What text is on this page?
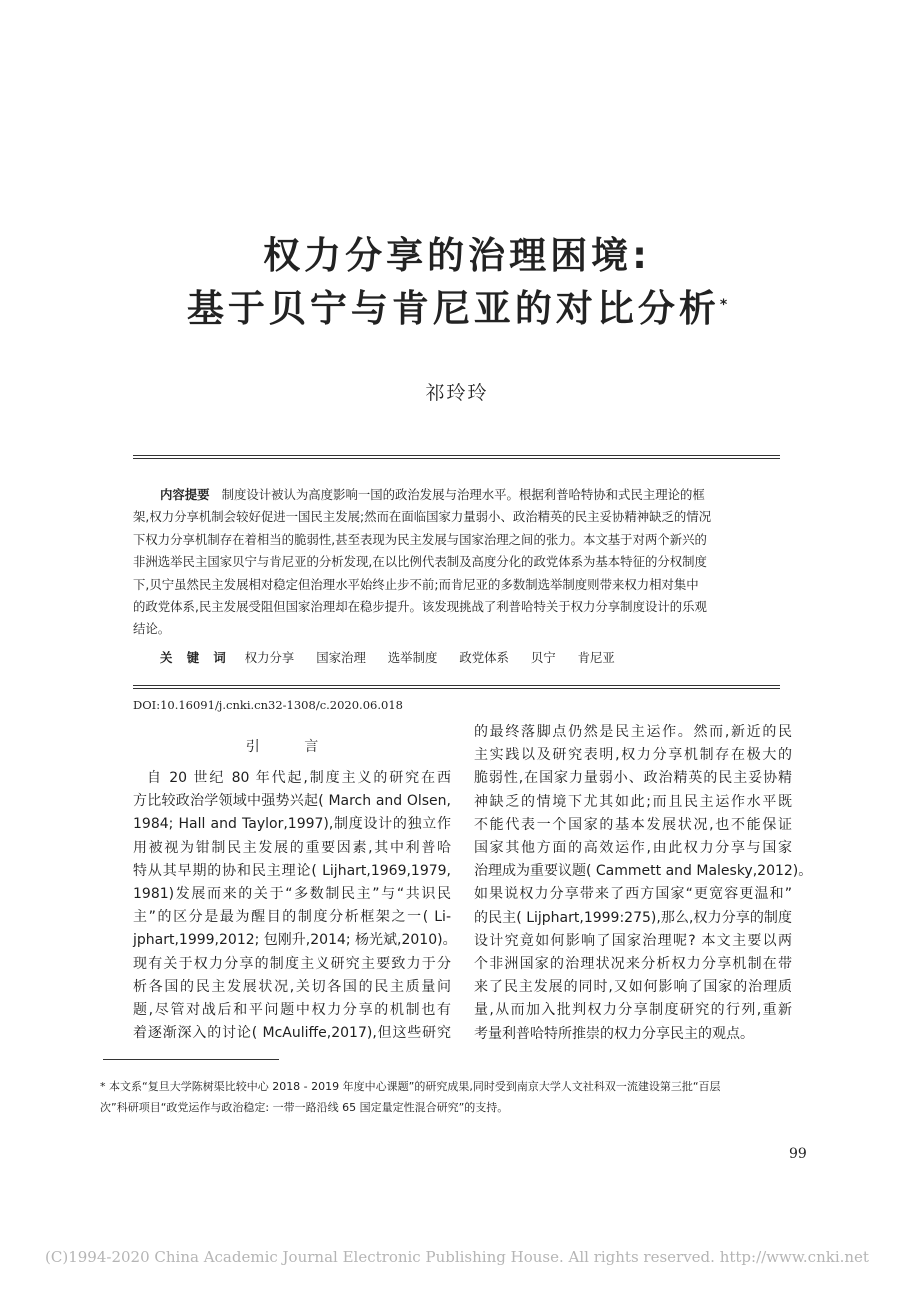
权力分享的治理困境:
基于贝宁与肯尼亚的对比分析*
祁玲玲
内容提要 制度设计被认为高度影响一国的政治发展与治理水平。根据利普哈特协和式民主理论的框
架,权力分享机制会较好促进一国民主发展;然而在面临国家力量弱小、政治精英的民主妥协精神缺乏的情况
下权力分享机制存在着相当的脆弱性,甚至表现为民主发展与国家治理之间的张力。本文基于对两个新兴的
非洲选举民主国家贝宁与肯尼亚的分析发现,在以比例代表制及高度分化的政党体系为基本特征的分权制度
下,贝宁虽然民主发展相对稳定但治理水平始终止步不前;而肯尼亚的多数制选举制度则带来权力相对集中
的政党体系,民主发展受阻但国家治理却在稳步提升。该发现挑战了利普哈特关于权力分享制度设计的乐观
结论。
关 键 词 权力分享 国家治理 选举制度 政党体系 贝宁 肯尼亚
DOI:10.16091/j.cnki.cn32-1308/c.2020.06.018
引 言
自 20 世纪 80 年代起,制度主义的研究在西
方比较政治学领域中强势兴起( March and Olsen,
1984; Hall and Taylor,1997),制度设计的独立作
用被视为钳制民主发展的重要因素,其中利普哈
特从其早期的协和民主理论( Lijhart,1969,1979,
1981)发展而来的关于“多数制民主”与“共识民
主”的区分是最为醒目的制度分析框架之一( Li-
jphart,1999,2012; 包刚升,2014; 杨光斌,2010)。
现有关于权力分享的制度主义研究主要致力于分
析各国的民主发展状况,关切各国的民主质量问
题,尽管对战后和平问题中权力分享的机制也有
着逐渐深入的讨论( McAuliffe,2017),但这些研究
的最终落脚点仍然是民主运作。然而,新近的民
主实践以及研究表明,权力分享机制存在极大的
脆弱性,在国家力量弱小、政治精英的民主妥协精
神缺乏的情境下尤其如此;而且民主运作水平既
不能代表一个国家的基本发展状况,也不能保证
国家其他方面的高效运作,由此权力分享与国家
治理成为重要议题( Cammett and Malesky,2012)。
如果说权力分享带来了西方国家“更宽容更温和”
的民主( Lijphart,1999:275),那么,权力分享的制度
设计究竟如何影响了国家治理呢? 本文主要以两
个非洲国家的治理状况来分析权力分享机制在带
来了民主发展的同时,又如何影响了国家的治理质
量,从而加入批判权力分享制度研究的行列,重新
考量利普哈特所推崇的权力分享民主的观点。
* 本文系“复旦大学陈树渠比较中心 2018 - 2019 年度中心课题”的研究成果,同时受到南京大学人文社科双一流建设第三批“百层
次”科研项目“政党运作与政治稳定: 一带一路沿线 65 国定量定性混合研究”的支持。
99
(C)1994-2020 China Academic Journal Electronic Publishing House. All rights reserved. http://www.cnki.net
